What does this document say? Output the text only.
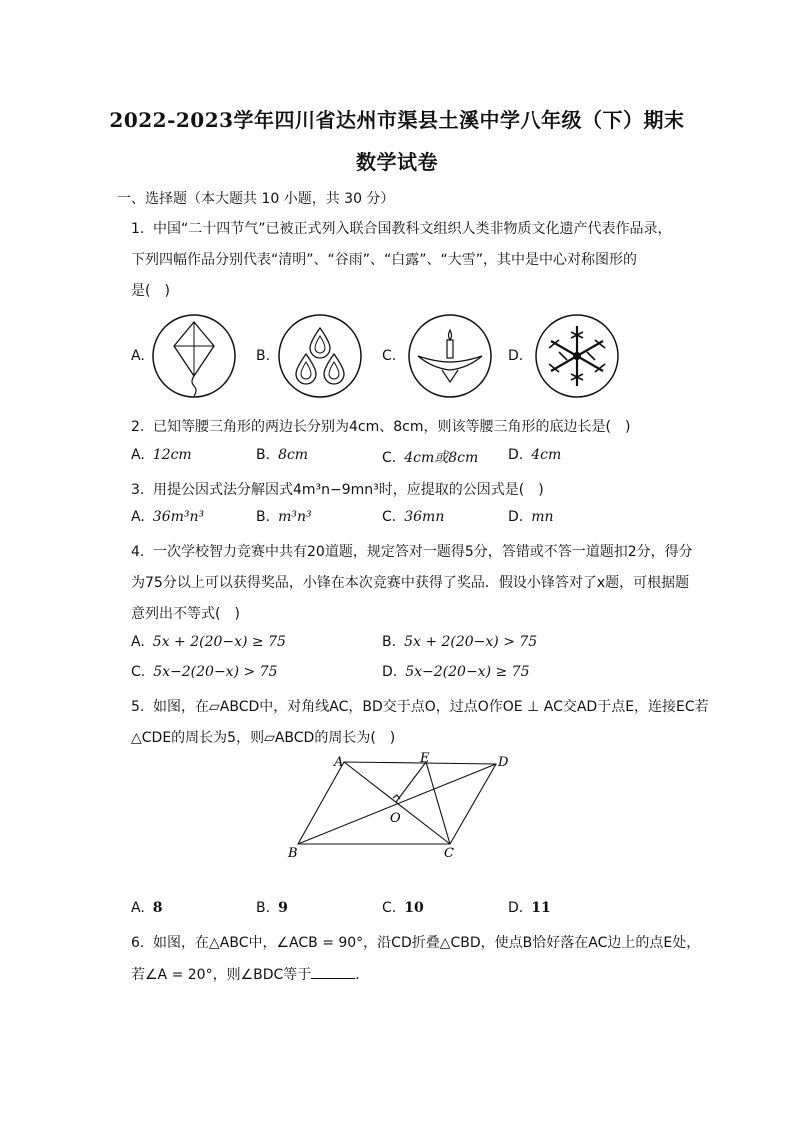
2022-2023学年四川省达州市渠县土溪中学八年级（下）期末
数学试卷
一、选择题（本大题共 10 小题，共 30 分）
1. 中国“二十四节气”已被正式列入联合国教科文组织人类非物质文化遗产代表作品录，
下列四幅作品分别代表“清明”、“谷雨”、“白露”、“大雪”，其中是中心对称图形的
是(　)
A.	B.	C.	D.
2. 已知等腰三角形的两边长分别为4cm、8cm，则该等腰三角形的底边长是(　)
A. 12cm	B. 8cm	C. 4cm或8cm D. 4cm
3. 用提公因式法分解因式4m³n−9mn³时，应提取的公因式是(　)
A. 36m³n³	B. m³n³	C. 36mn	D. mn
4. 一次学校智力竞赛中共有20道题，规定答对一题得5分，答错或不答一道题扣2分，得分
为75分以上可以获得奖品，小锋在本次竞赛中获得了奖品．假设小锋答对了x题，可根据题
意列出不等式(　)
A. 5x + 2(20−x) ≥ 75	B. 5x + 2(20−x) > 75
C. 5x−2(20−x) > 75	D. 5x−2(20−x) ≥ 75
5. 如图，在▱ABCD中，对角线AC，BD交于点O，过点O作OE ⊥ AC交AD于点E，连接EC若
△CDE的周长为5，则▱ABCD的周长为(　)
A	E	D
O
B	C
A. 8	B. 9	C. 10	D. 11
6. 如图，在△ABC中，∠ACB = 90°，沿CD折叠△CBD，使点B恰好落在AC边上的点E处，
若∠A = 20°，则∠BDC等于	．
